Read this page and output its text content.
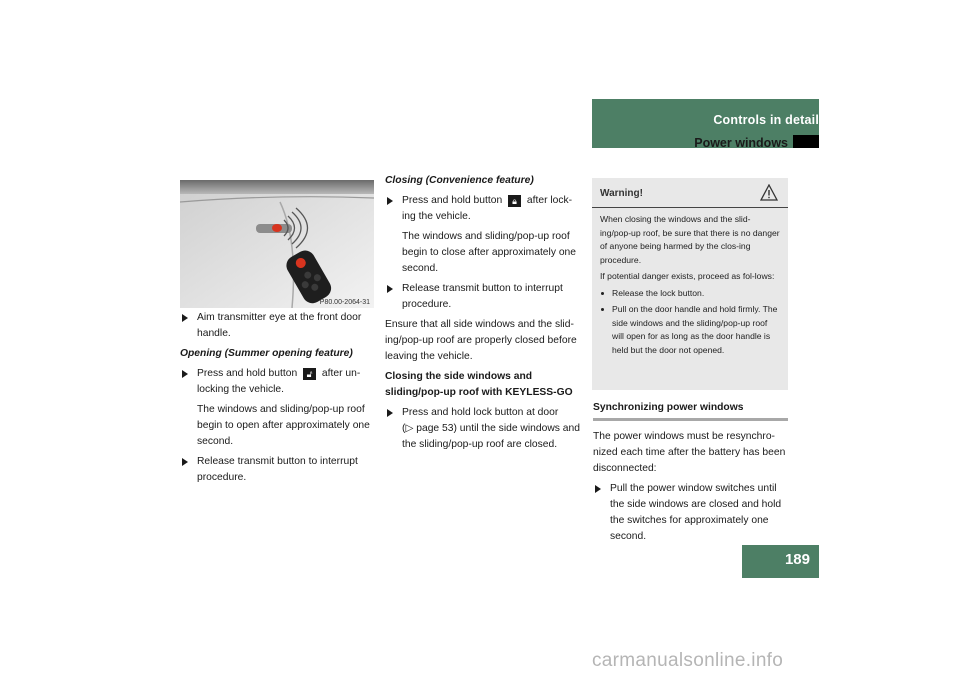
Controls in detail
Power windows
P80.00-2064-31
Aim transmitter eye at the front door handle.

Opening (Summer opening feature)

Press and hold button 🔓︎ after un-locking the vehicle.
The windows and sliding/pop-up roof begin to open after approximately one second.
Release transmit button to interrupt procedure.

Closing (Convenience feature)

Press and hold button 🔒︎ after lock-ing the vehicle.
The windows and sliding/pop-up roof begin to close after approximately one second.
Release transmit button to interrupt procedure.

Ensure that all side windows and the slid-ing/pop-up roof are properly closed before leaving the vehicle.

Closing the side windows and sliding/pop-up roof with KEYLESS-GO

Press and hold lock button at door (▷ page 53) until the side windows and the sliding/pop-up roof are closed.
Warning!

When closing the windows and the slid-ing/pop-up roof, be sure that there is no danger of anyone being harmed by the clos-ing procedure.

If potential danger exists, proceed as fol-lows:

Release the lock button.
Pull on the door handle and hold firmly. The side windows and the sliding/pop-up roof will open for as long as the door handle is held but the door not opened.
Synchronizing power windows

The power windows must be resynchro-nized each time after the battery has been disconnected:

Pull the power window switches until the side windows are closed and hold the switches for approximately one second.
189
carmanualsonline.info
